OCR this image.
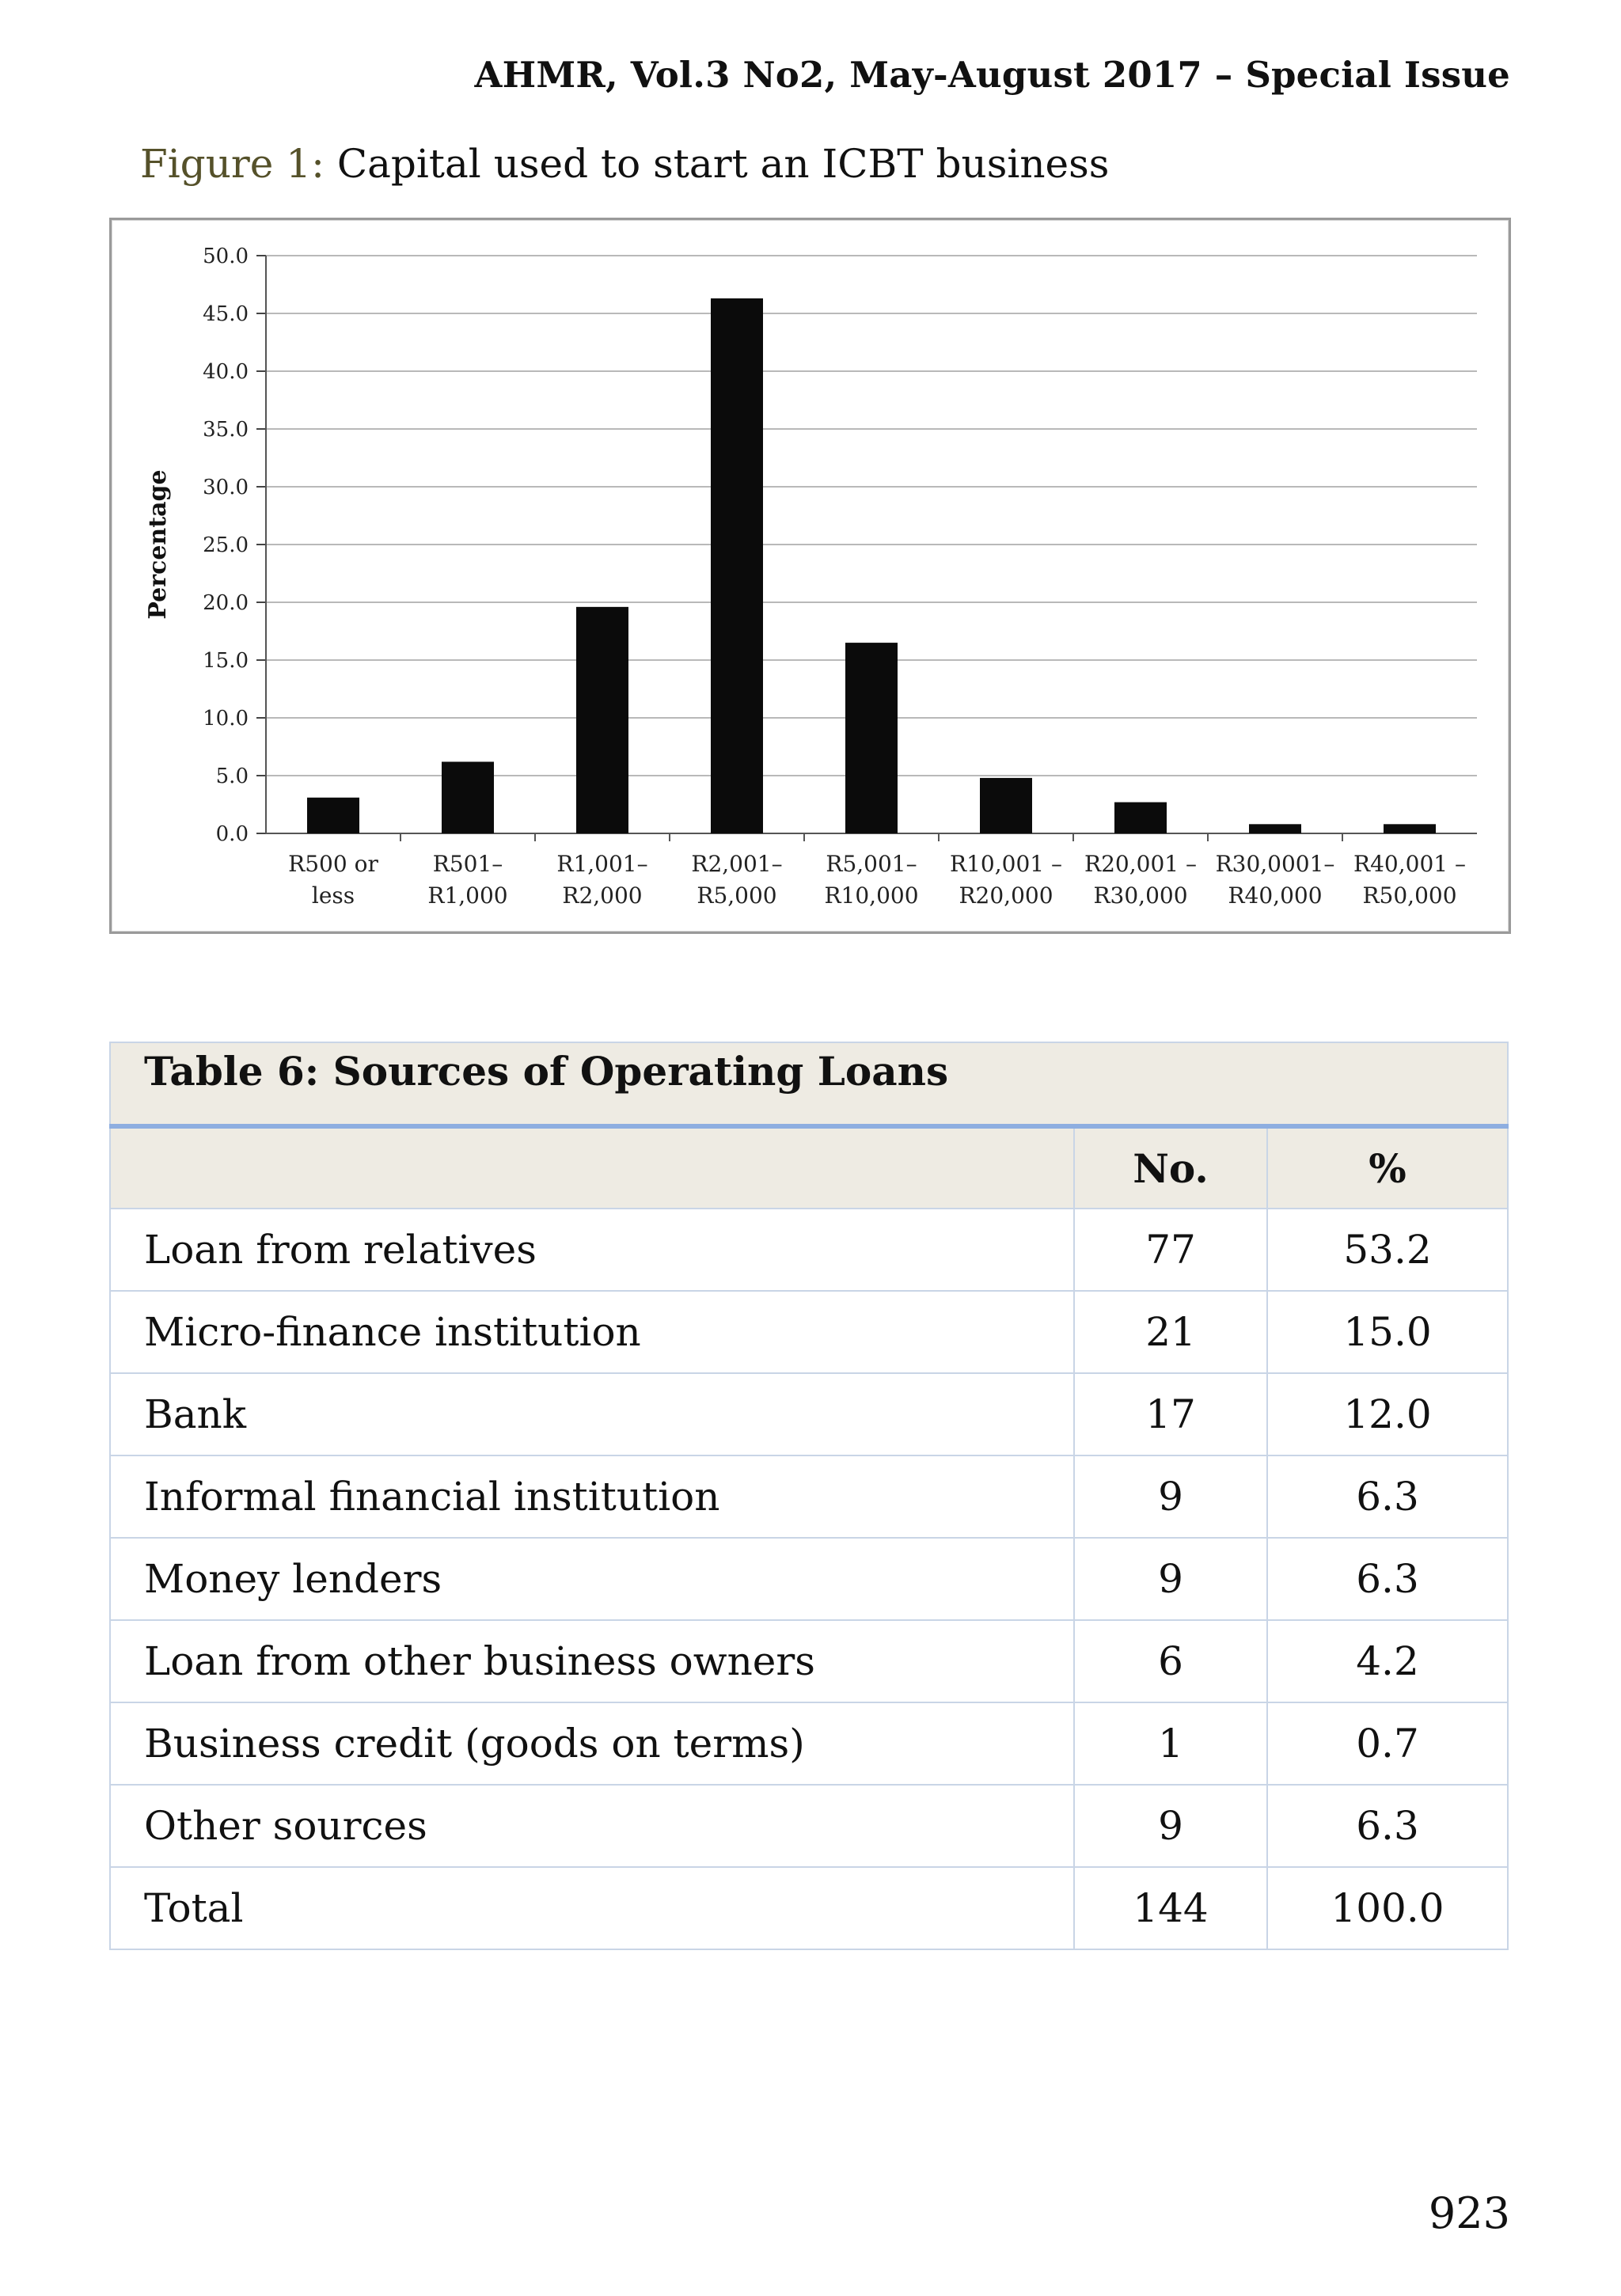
AHMR, Vol.3 No2, May-August 2017 – Special Issue
Figure 1: Capital used to start an ICBT business
0.0
5.0
10.0
15.0
20.0
25.0
30.0
35.0
40.0
45.0
50.0
Percentage
R500 or
less
R501–
R1,000
R1,001–
R2,000
R2,001–
R5,000
R5,001–
R10,000
R10,001 –
R20,000
R20,001 –
R30,000
R30,0001–
R40,000
R40,001 –
R50,000
Table 6: Sources of Operating Loans		
	No.	%
Loan from relatives	77	53.2
Micro-finance institution	21	15.0
Bank	17	12.0
Informal financial institution	9	6.3
Money lenders	9	6.3
Loan from other business owners	6	4.2
Business credit (goods on terms)	1	0.7
Other sources	9	6.3
Total	144	100.0
923
